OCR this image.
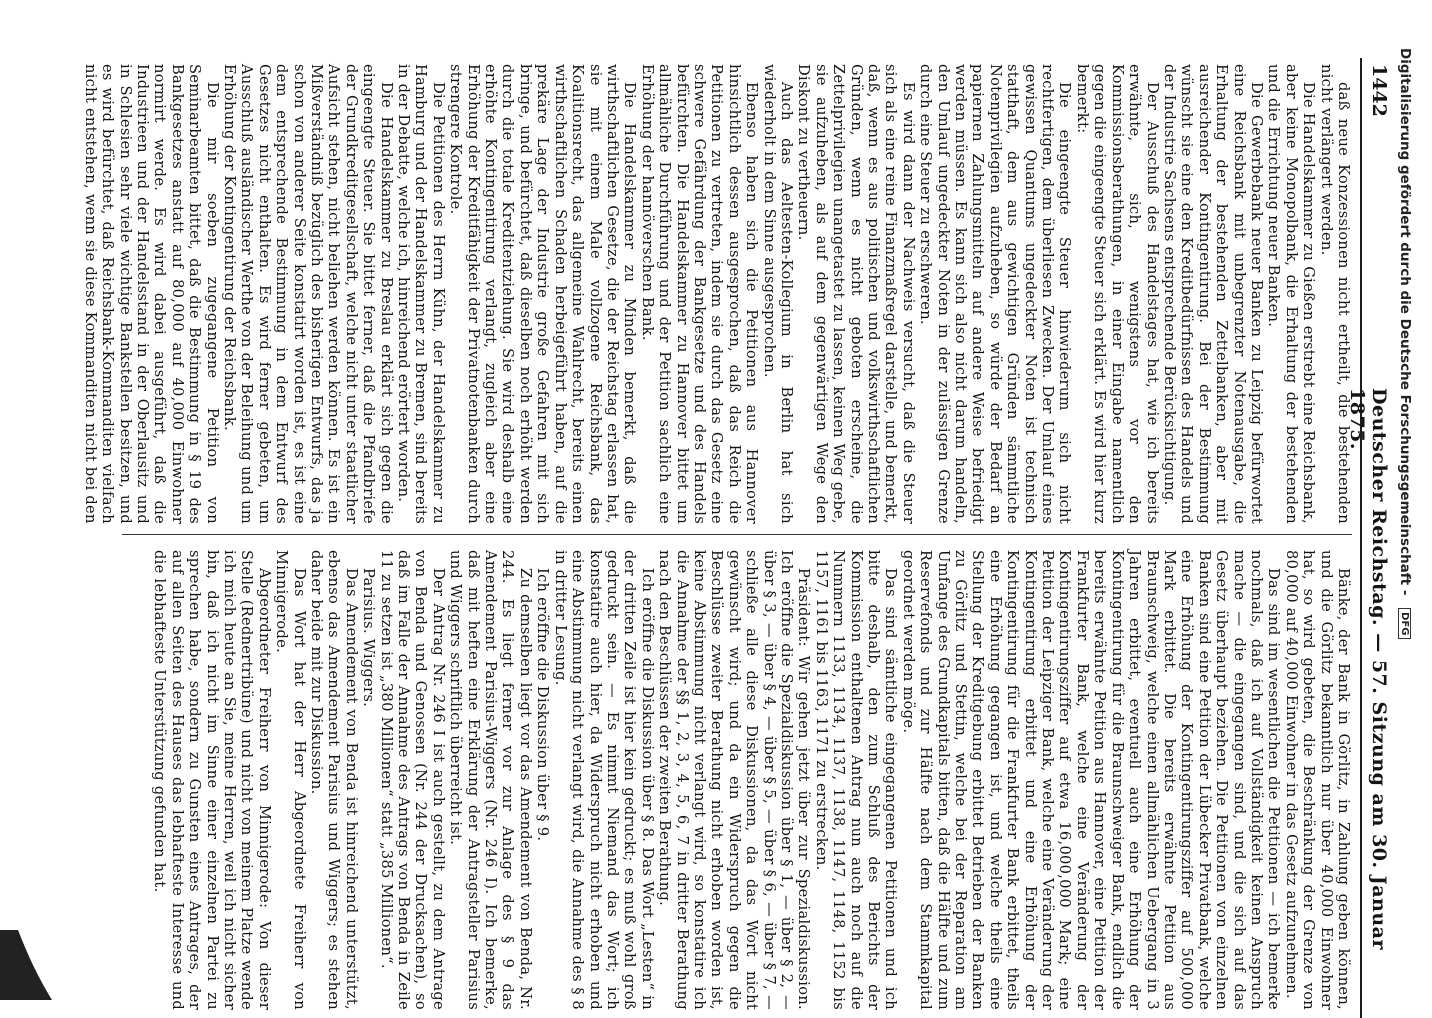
1442
Deutscher Reichstag. — 57. Sitzung am 30. Januar 1875.

daß neue Konzessionen nicht ertheilt, die bestehenden nicht verlängert werden.

Die Handelskammer zu Gießen erstrebt eine Reichsbank, aber keine Monopolbank, die Erhaltung der bestehenden und die Errichtung neuer Banken.

Die Gewerbebank neuer Banken zu Leipzig befürwortet eine Reichsbank mit unbegrenzter Notenausgabe, die Erhaltung der bestehenden Zettelbanken, aber mit ausreichender Kontingentirung. Bei der Bestimmung wünscht sie eine den Kreditbedürfnissen des Handels und der Industrie Sachsens entsprechende Berücksichtigung.

Der Ausschuß des Handelstages hat, wie ich bereits erwähnte, sich, wenigstens vor den Kommissionsberathungen, in einer Eingabe namentlich gegen die eingeengte Steuer sich erklärt. Es wird hier kurz bemerkt:

Die eingeengte Steuer hinwiederum sich nicht rechtfertigen, dem überliesen Zwecken. Der Umlauf eines gewissen Quantums ungedeckter Noten ist technisch statthaft, dem aus gewichtigen Gründen sämmtliche Notenprivilegien aufzuheben, so würde der Bedarf an papiernen Zahlungsmitteln auf andere Weise befriedigt werden müssen. Es kann sich also nicht darum handeln, den Umlauf ungedeckter Noten in der zulässigen Grenze durch eine Steuer zu erschweren.

Es wird dann der Nachweis versucht, daß die Steuer sich als eine reine Finanzmaßregel darstelle, und bemerkt, daß, wenn es aus politischen und volkswirthschaftlichen Gründen, wenn es nicht geboten erscheine, die Zettelprivilegien unangetastet zu lassen, keinen Weg gebe, sie aufzuheben, als auf dem gegenwärtigen Wege den Diskont zu vertheuern.

Auch das Aeltesten-Kollegium in Berlin hat sich wiederholt in dem Sinne ausgesprochen.

Ebenso haben sich die Petitionen aus Hannover hinsichtlich dessen ausgesprochen, daß das Reich die Petitionen zu vertreten, indem sie durch das Gesetz eine schwere Gefährdung der Bankgesetze und des Handels befürchten. Die Handelskammer zu Hannover bittet um allmähliche Durchführung und der Petition sachlich eine Erhöhung der hannöverschen Bank.

Die Handelskammer zu Minden bemerkt, daß die wirthschaftlichen Gesetze, die der Reichstag erlassen hat, sie mit einem Male vollzogene Reichsbank, das Koalitionsrecht, das allgemeine Wahlrecht, bereits einen wirthschaftlichen Schaden herbeigeführt haben, auf die prekäre Lage der Industrie große Gefahren mit sich bringe, und befürchtet, daß dieselben noch erhöht werden durch die totale Kreditentziehung. Sie wird deshalb eine erhöhte Kontingentirung verlangt, zugleich aber eine Erhöhung der Kreditfähigkeit der Privatnotenbanken durch strengere Kontrole.

Die Petitionen des Herrn Kühn, der Handelskammer zu Hamburg und der Handelskammer zu Bremen, sind bereits in der Debatte, welche ich, hinreichend erörtert worden.

Die Handelskammer zu Breslau erklärt sich gegen die eingeengte Steuer. Sie bittet ferner, daß die Pfandbriefe der Grundkreditgesellschaft, welche nicht unter staatlicher Aufsicht stehen, nicht beliehen werden können. Es ist ein Mißverständniß bezüglich des bisherigen Entwurfs, das ja schon von anderer Seite konstatirt worden ist, es ist eine dem entsprechende Bestimmung in dem Entwurf des Gesetzes nicht enthalten. Es wird ferner gebeten, um Ausschluß ausländischer Werthe von der Beleihung und um Erhöhung der Kontingentirung der Reichsbank.

Die mir soeben zugegangene Petition von Seminarbeamten bittet, daß die Bestimmung in § 19 des Bankgesetzes anstatt auf 80,000 auf 40,000 Einwohner normirt werde. Es wird dabei ausgeführt, daß die Industrieen und der Handelsstand in der Oberlausitz und in Schlesien sehr viele wichtige Bankstellen besitzen, und es wird befürchtet, daß Reichsbank-Kommanditen vielfach nicht entstehen, wenn sie diese Kommanditen nicht bei den

Bänke, der Bank in Görlitz, in Zahlung geben können, und die Görlitz bekanntlich nur über 40,000 Einwohner hat, so wird gebeten, die Beschränkung der Grenze von 80,000 auf 40,000 Einwohner in das Gesetz aufzunehmen.

Das sind im wesentlichen die Petitionen — ich bemerke nochmals, daß ich auf Vollständigkeit keinen Anspruch mache — die eingegangen sind, und die sich auf das Gesetz überhaupt beziehen. Die Petitionen von einzelnen Banken sind eine Petition der Lübecker Privatbank, welche eine Erhöhung der Kontingentirungsziffer auf 500,000 Mark erbittet. Die bereits erwähnte Petition aus Braunschweig, welche einen allmählichen Uebergang in 3 Jahren erbittet, eventuell auch eine Erhöhung der Kontingentirung für die Braunschweiger Bank, endlich die bereits erwähnte Petition aus Hannover, eine Petition der Frankfurter Bank, welche eine Veränderung der Kontingentirungsziffer auf etwa 16,000,000 Mark; eine Petition der Leipziger Bank, welche eine Veränderung der Kontingentirung erbittet und eine Erhöhung der Kontingentirung für die Frankfurter Bank erbittet, theils eine Erhöhung gegangen ist, und welche theils eine Stellung der Kreditgebung erbittet Betrieben der Banken zu Görlitz und Stettin, welche bei der Reparation am Umfange des Grundkapitals bitten, daß die Hälfte und zum Reservefonds und zur Hälfte nach dem Stammkapital geordnet werden möge.

Das sind sämtliche eingegangenen Petitionen und ich bitte deshalb, den zum Schluß des Berichts der Kommission enthaltenen Antrag nun auch noch auf die Nummern 1133, 1134, 1137, 1138, 1147, 1148, 1152 bis 1157, 1161 bis 1163, 1171 zu erstrecken.

Präsident: Wir gehen jetzt über zur Spezialdiskussion. Ich eröffne die Spezialdiskussion über § 1, — über § 2, — über § 3, — über § 4, — über § 5, — über § 6, — über § 7, — schließe alle diese Diskussionen, da das Wort nicht gewünscht wird; und da ein Widerspruch gegen die Beschlüsse zweiter Berathung nicht erhoben worden ist, keine Abstimmung nicht verlangt wird, so konstatire ich die Annahme der §§ 1, 2, 3, 4, 5, 6, 7 in dritter Berathung nach den Beschlüssen der zweiten Berathung.

Ich eröffne die Diskussion über § 8. Das Wort „Lesten“ in der dritten Zeile ist hier kein gedruckt; es muß wohl groß gedruckt sein. — Es nimmt Niemand das Wort; ich konstatire auch hier, da Widerspruch nicht erhoben und eine Abstimmung nicht verlangt wird, die Annahme des § 8 in dritter Lesung.

Ich eröffne die Diskussion über § 9.

Zu demselben liegt vor das Amendement von Benda, Nr. 244. Es liegt ferner vor zur Anlage des § 9 das Amendement Parisius-Wiggers (Nr. 246 I). Ich bemerke, daß mit heften eine Erklärung der Antragsteller Parisius und Wiggers schriftlich überreicht ist.

Der Antrag Nr. 246 I ist auch gestellt, zu dem Antrage von Benda und Genossen (Nr. 244 der Drucksachen), so daß im Falle der Annahme des Antrags von Benda in Zeile 11 zu setzen ist „380 Millionen“ statt „385 Millionen“.

Parisius. Wiggers.

Das Amendement von Benda ist hinreichend unterstützt, ebenso das Amendement Parisius und Wiggers; es stehen daher beide mit zur Diskussion.

Das Wort hat der Herr Abgeordnete Freiherr von Minnigerode.

Abgeordneter Freiherr von Minnigerode: Von dieser Stelle (Rednertribüne) und nicht von meinem Platze wende ich mich heute an Sie, meine Herren, weil ich nicht sicher bin, daß ich nicht im Sinne einer einzelnen Partei zu sprechen habe, sondern zu Gunsten eines Antrages, der auf allen Seiten des Hauses das lebhafteste Interesse und die lebhafteste Unterstützung gefunden hat.

Digitalisierung gefördert durch die Deutsche Forschungsgemeinschaft - DFG
